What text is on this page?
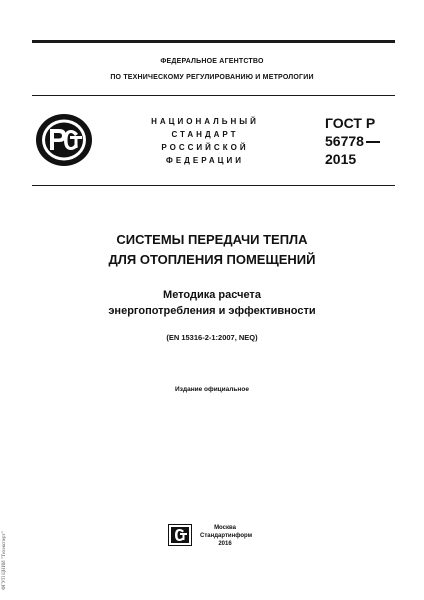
ФЕДЕРАЛЬНОЕ АГЕНТСТВО
ПО ТЕХНИЧЕСКОМУ РЕГУЛИРОВАНИЮ И МЕТРОЛОГИИ
НАЦИОНАЛЬНЫЙ
СТАНДАРТ
РОССИЙСКОЙ
ФЕДЕРАЦИИ
ГОСТ Р
56778
2015
СИСТЕМЫ ПЕРЕДАЧИ ТЕПЛА
ДЛЯ ОТОПЛЕНИЯ ПОМЕЩЕНИЙ
Методика расчета
энергопотребления и эффективности
(EN 15316-2-1:2007, NEQ)
Издание официальное
Москва
Стандартинформ
2016
ФГУП ЦНИИ "Техэксперт"
